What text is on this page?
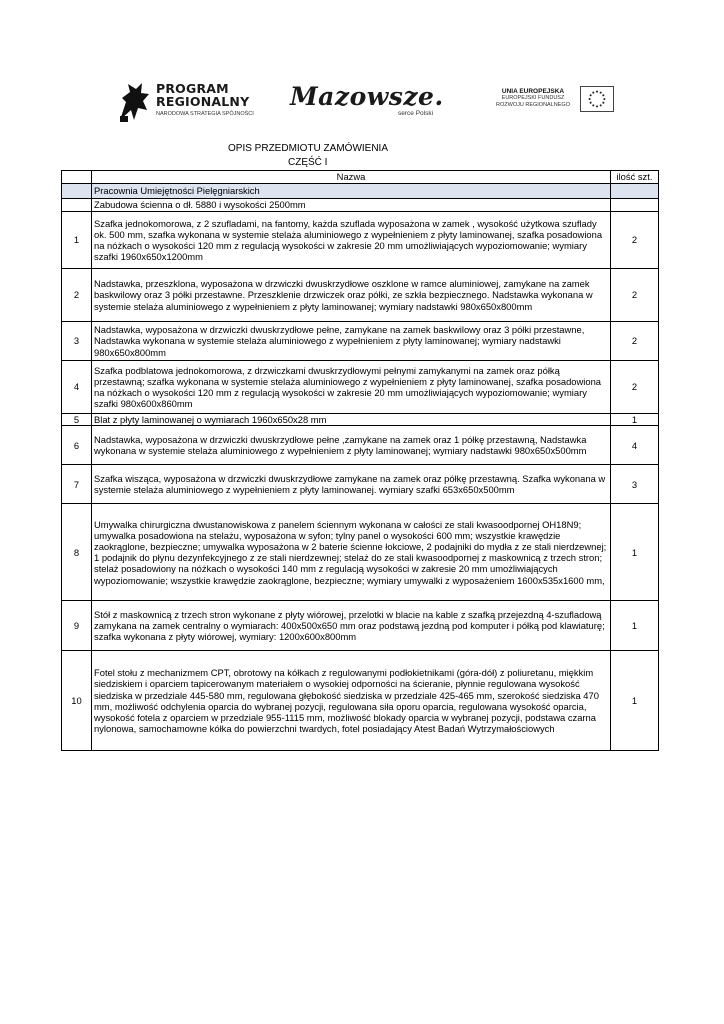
PROGRAM
REGIONALNY
NARODOWA STRATEGIA SPÓJNOŚCI
Mazowsze.
serce Polski
UNIA EUROPEJSKA
EUROPEJSKI FUNDUSZ
ROZWOJU REGIONALNEGO
OPIS PRZEDMIOTU ZAMÓWIENIA
CZĘŚĆ I
	Nazwa	ilość szt.
	Pracownia Umiejętności Pielęgniarskich	
	Zabudowa ścienna o dł. 5880 i wysokości 2500mm	
1	Szafka jednokomorowa, z 2 szufladami, na fantomy, każda szuflada wyposażona w zamek , wysokość użytkowa szuflady ok. 500 mm, szafka wykonana w systemie stelaża aluminiowego z wypełnieniem z płyty laminowanej, szafka posadowiona na nóżkach o wysokości 120 mm z regulacją wysokości w zakresie 20 mm umożliwiających wypoziomowanie; wymiary szafki 1960x650x1200mm	2
2	Nadstawka, przeszklona, wyposażona w drzwiczki dwuskrzydłowe oszklone w ramce aluminiowej, zamykane na zamek baskwilowy oraz 3 półki przestawne. Przeszklenie drzwiczek oraz półki, ze szkła bezpiecznego. Nadstawka wykonana w systemie stelaża aluminiowego z wypełnieniem z płyty laminowanej; wymiary nadstawki 980x650x800mm	2
3	Nadstawka, wyposażona w drzwiczki dwuskrzydłowe pełne, zamykane na zamek baskwilowy oraz 3 półki przestawne, Nadstawka wykonana w systemie stelaża aluminiowego z wypełnieniem z płyty laminowanej; wymiary nadstawki 980x650x800mm	2
4	Szafka podblatowa jednokomorowa, z drzwiczkami dwuskrzydłowymi pełnymi zamykanymi na zamek oraz półką przestawną; szafka wykonana w systemie stelaża aluminiowego z wypełnieniem z płyty laminowanej, szafka posadowiona na nóżkach o wysokości 120 mm z regulacją wysokości w zakresie 20 mm umożliwiających wypoziomowanie; wymiary szafki 980x600x860mm	2
5	Blat z płyty laminowanej o wymiarach 1960x650x28 mm	1
6	Nadstawka, wyposażona w drzwiczki dwuskrzydłowe pełne ,zamykane na zamek oraz 1 półkę przestawną, Nadstawka wykonana w systemie stelaża aluminiowego z wypełnieniem z płyty laminowanej; wymiary nadstawki 980x650x500mm	4
7	Szafka wisząca, wyposażona w drzwiczki dwuskrzydłowe zamykane na zamek oraz półkę przestawną. Szafka wykonana w systemie stelaża aluminiowego z wypełnieniem z płyty laminowanej. wymiary szafki 653x650x500mm	3
8	Umywalka chirurgiczna dwustanowiskowa z panelem ściennym wykonana w całości ze stali kwasoodpornej OH18N9; umywalka posadowiona na stelażu, wyposażona w syfon; tylny panel o wysokości 600 mm; wszystkie krawędzie zaokrąglone, bezpieczne; umywalka wyposażona w 2 baterie ścienne łokciowe, 2 podajniki do mydła z ze stali nierdzewnej; 1 podajnik do płynu dezynfekcyjnego z ze stali nierdzewnej; stelaż do ze stali kwasoodpornej z maskownicą z trzech stron; stelaż posadowiony na nóżkach o wysokości 140 mm z regulacją wysokości w zakresie 20 mm umożliwiających wypoziomowanie; wszystkie krawędzie zaokrąglone, bezpieczne; wymiary umywalki z wyposażeniem 1600x535x1600 mm,	1
9	Stół z maskownicą z trzech stron wykonane z płyty wiórowej, przelotki w blacie na kable z szafką przejezdną 4-szufladową zamykana na zamek centralny o wymiarach: 400x500x650 mm oraz podstawą jezdną pod komputer i półką pod klawiaturę; szafka wykonana z płyty wiórowej, wymiary: 1200x600x800mm	1
10	Fotel stołu z mechanizmem CPT, obrotowy na kółkach z regulowanymi podłokietnikami (góra-dół) z poliuretanu, miękkim siedziskiem i oparciem tapicerowanym materiałem o wysokiej odporności na ścieranie, płynnie regulowana wysokość siedziska w przedziale 445-580 mm, regulowana głębokość siedziska w przedziale 425-465 mm, szerokość siedziska 470 mm, możliwość odchylenia oparcia do wybranej pozycji, regulowana siła oporu oparcia, regulowana wysokość oparcia, wysokość fotela z oparciem w przedziale 955-1115 mm, możliwość blokady oparcia w wybranej pozycji, podstawa czarna nylonowa, samochamowne kółka do powierzchni twardych, fotel posiadający Atest Badań Wytrzymałościowych	1
